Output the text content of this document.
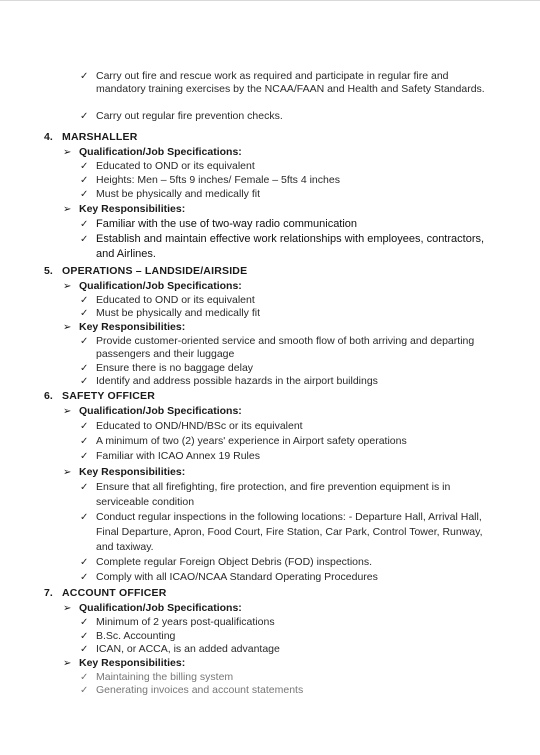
✓ Carry out fire and rescue work as required and participate in regular fire and mandatory training exercises by the NCAA/FAAN and Health and Safety Standards.
✓ Carry out regular fire prevention checks.
4. MARSHALLER
➢ Qualification/Job Specifications:
✓ Educated to OND or its equivalent
✓ Heights: Men – 5fts 9 inches/ Female – 5fts 4 inches
✓ Must be physically and medically fit
➢ Key Responsibilities:
✓ Familiar with the use of two-way radio communication
✓ Establish and maintain effective work relationships with employees, contractors, and Airlines.
5. OPERATIONS – LANDSIDE/AIRSIDE
➢ Qualification/Job Specifications:
✓ Educated to OND or its equivalent
✓ Must be physically and medically fit
➢ Key Responsibilities:
✓ Provide customer-oriented service and smooth flow of both arriving and departing passengers and their luggage
✓ Ensure there is no baggage delay
✓ Identify and address possible hazards in the airport buildings
6. SAFETY OFFICER
➢ Qualification/Job Specifications:
✓ Educated to OND/HND/BSc or its equivalent
✓ A minimum of two (2) years' experience in Airport safety operations
✓ Familiar with ICAO Annex 19 Rules
➢ Key Responsibilities:
✓ Ensure that all firefighting, fire protection, and fire prevention equipment is in serviceable condition
✓ Conduct regular inspections in the following locations: - Departure Hall, Arrival Hall, Final Departure, Apron, Food Court, Fire Station, Car Park, Control Tower, Runway, and taxiway.
✓ Complete regular Foreign Object Debris (FOD) inspections.
✓ Comply with all ICAO/NCAA Standard Operating Procedures
7. ACCOUNT OFFICER
➢ Qualification/Job Specifications:
✓ Minimum of 2 years post-qualifications
✓ B.Sc. Accounting
✓ ICAN, or ACCA, is an added advantage
➢ Key Responsibilities:
✓ Maintaining the billing system
✓ Generating invoices and account statements
